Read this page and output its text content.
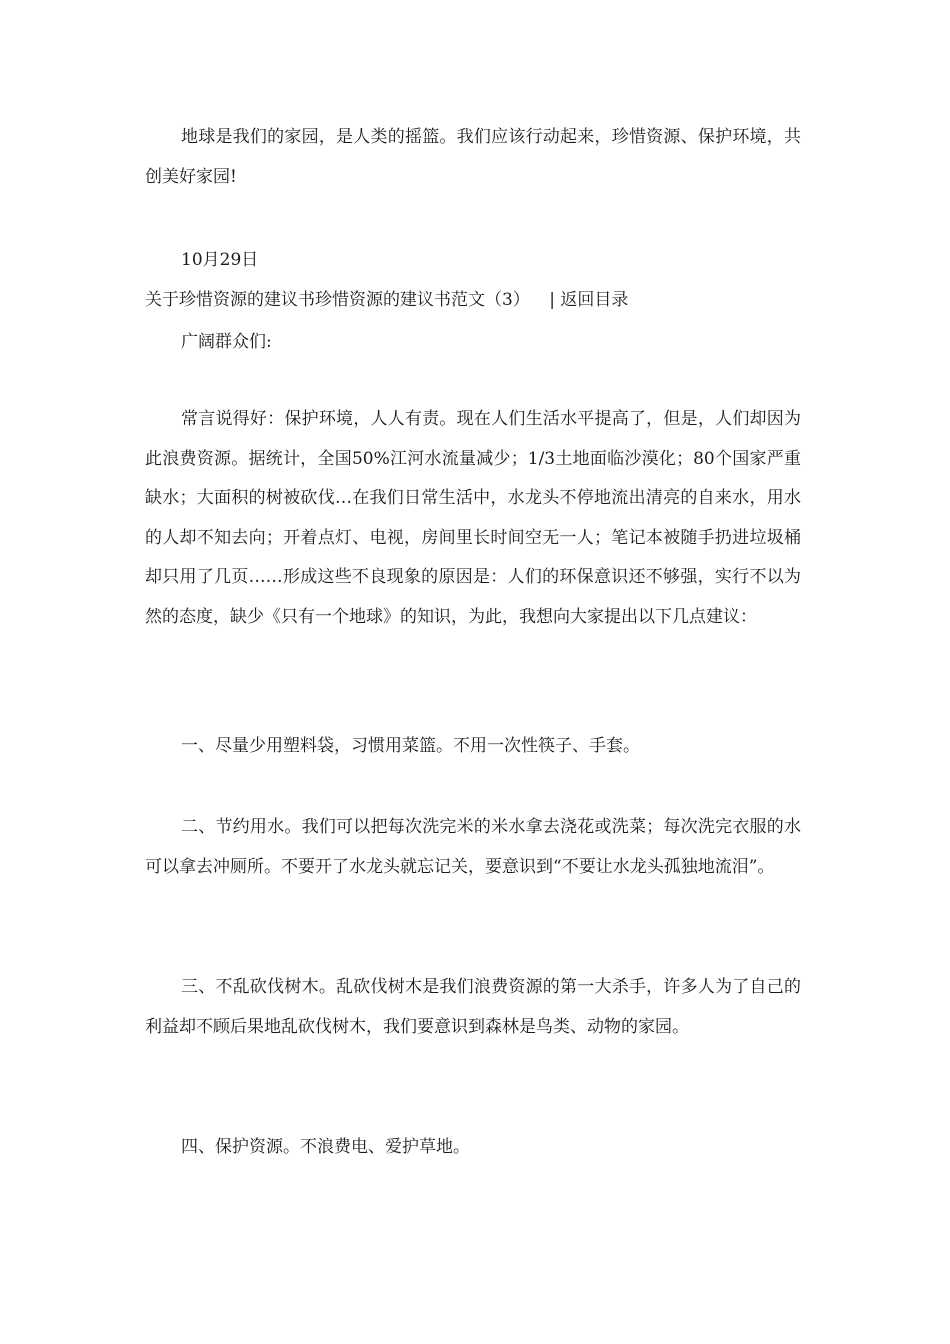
地球是我们的家园，是人类的摇篮。我们应该行动起来，珍惜资源、保护环境，共创美好家园!

10月29日

关于珍惜资源的建议书珍惜资源的建议书范文（3） | 返回目录

广阔群众们:

常言说得好：保护环境，人人有责。现在人们生活水平提高了，但是，人们却因为此浪费资源。据统计，全国50%江河水流量减少；1/3土地面临沙漠化；80个国家严重缺水；大面积的树被砍伐…在我们日常生活中，水龙头不停地流出清亮的自来水，用水的人却不知去向；开着点灯、电视，房间里长时间空无一人；笔记本被随手扔进垃圾桶却只用了几页……形成这些不良现象的原因是：人们的环保意识还不够强，实行不以为然的态度，缺少《只有一个地球》的知识，为此，我想向大家提出以下几点建议：

一、尽量少用塑料袋，习惯用菜篮。不用一次性筷子、手套。

二、节约用水。我们可以把每次洗完米的米水拿去浇花或洗菜；每次洗完衣服的水可以拿去冲厕所。不要开了水龙头就忘记关，要意识到“不要让水龙头孤独地流泪”。

三、不乱砍伐树木。乱砍伐树木是我们浪费资源的第一大杀手，许多人为了自己的利益却不顾后果地乱砍伐树木，我们要意识到森林是鸟类、动物的家园。

四、保护资源。不浪费电、爱护草地。
